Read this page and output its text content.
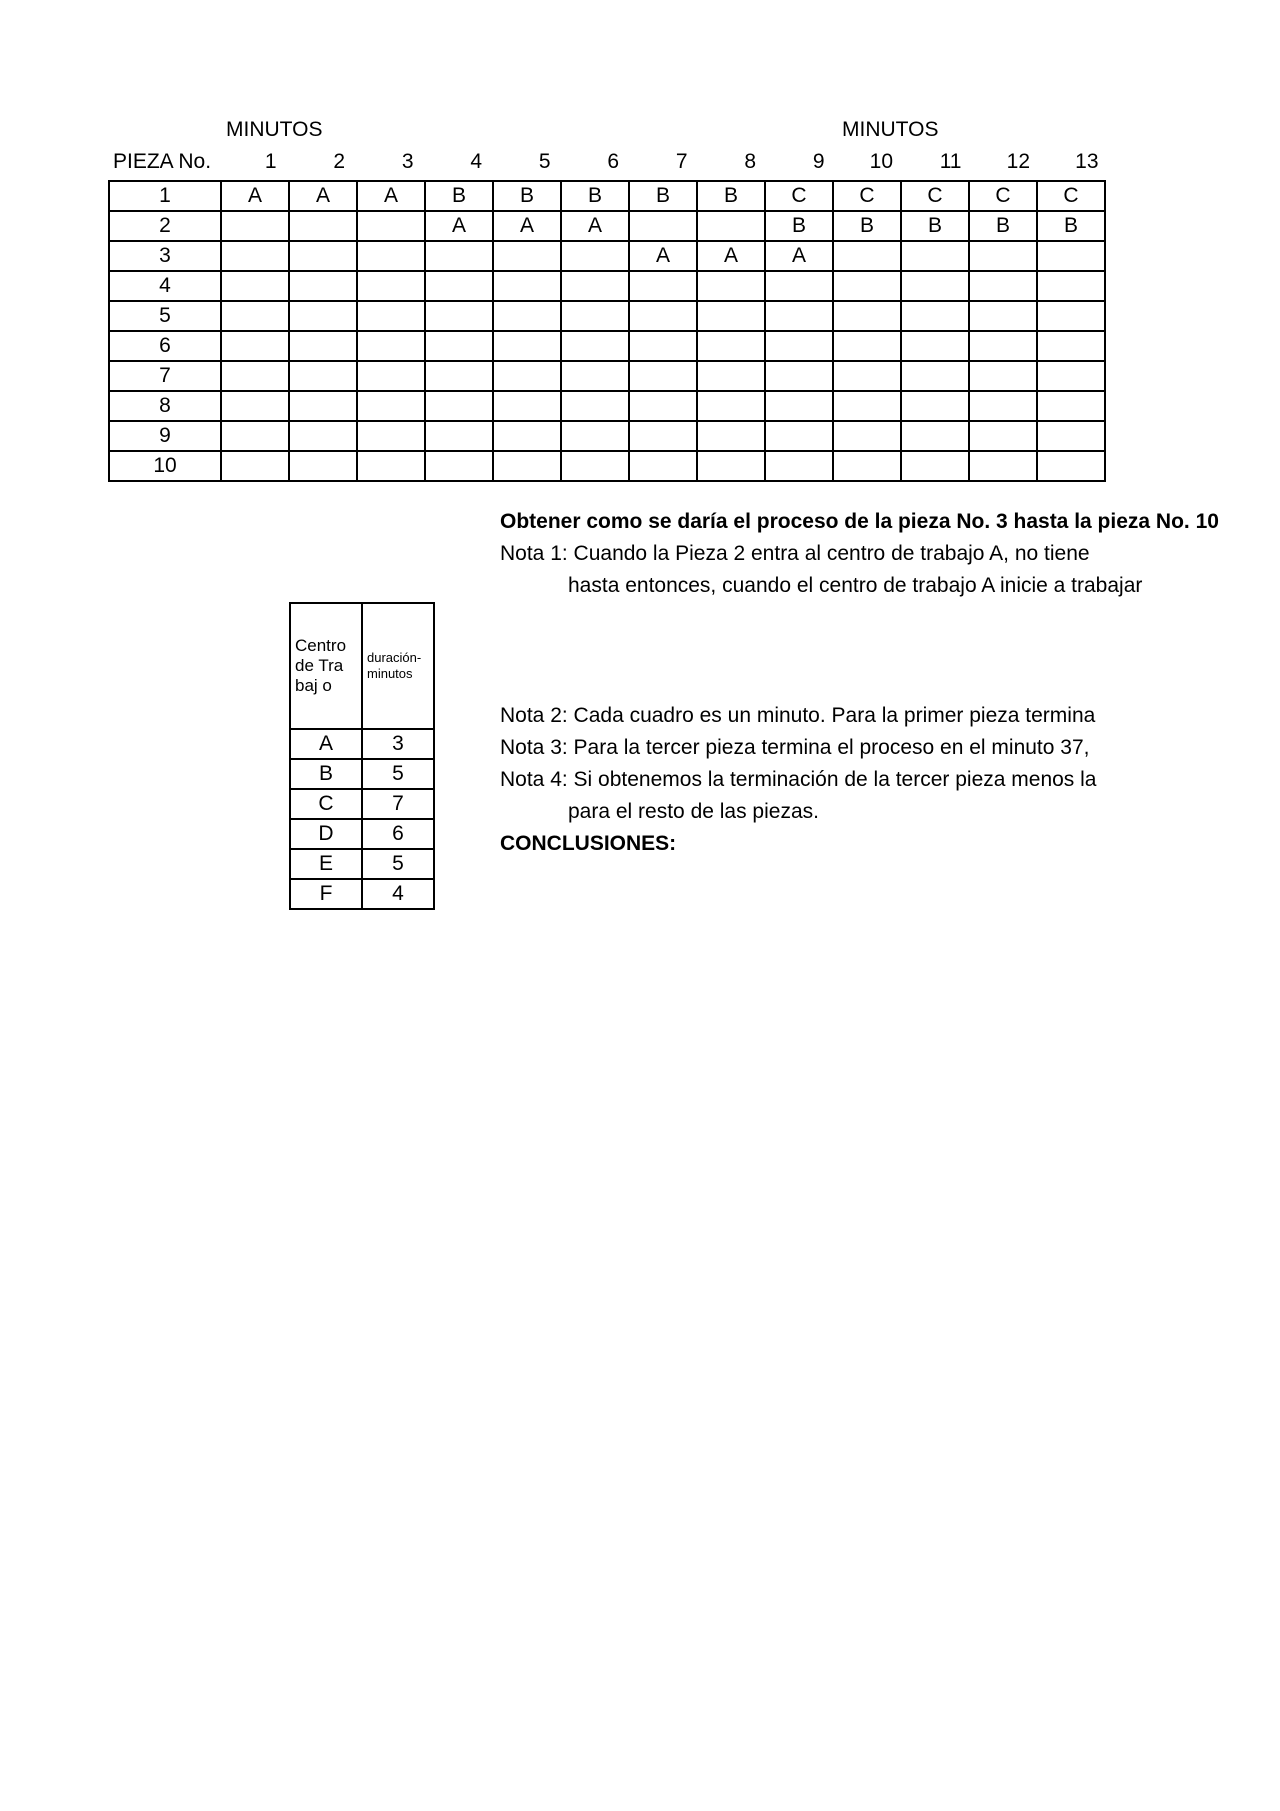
MINUTOS	MINUTOS
PIEZA No.	1	2	3	4	5	6	7	8	9	10	11	12	13
1	A	A	A	B	B	B	B	B	C	C	C	C	C
2				A	A	A			B	B	B	B	B
3							A	A	A				
4													
5													
6													
7													
8													
9													
10													
Centro de Trabaj o	duración-minutos

A	3
B	5
C	7
D	6
E	5
F	4
Obtener como se daría el proceso de la pieza No. 3 hasta la pieza No. 10
Nota 1: Cuando la Pieza 2 entra al centro de trabajo A, no tiene
hasta entonces, cuando el centro de trabajo A inicie a trabajar
Nota 2: Cada cuadro es un minuto. Para la primer pieza termina
Nota 3: Para la tercer pieza termina el proceso en el minuto 37,
Nota 4: Si obtenemos la terminación de la tercer pieza menos la
para el resto de las piezas.
CONCLUSIONES:
